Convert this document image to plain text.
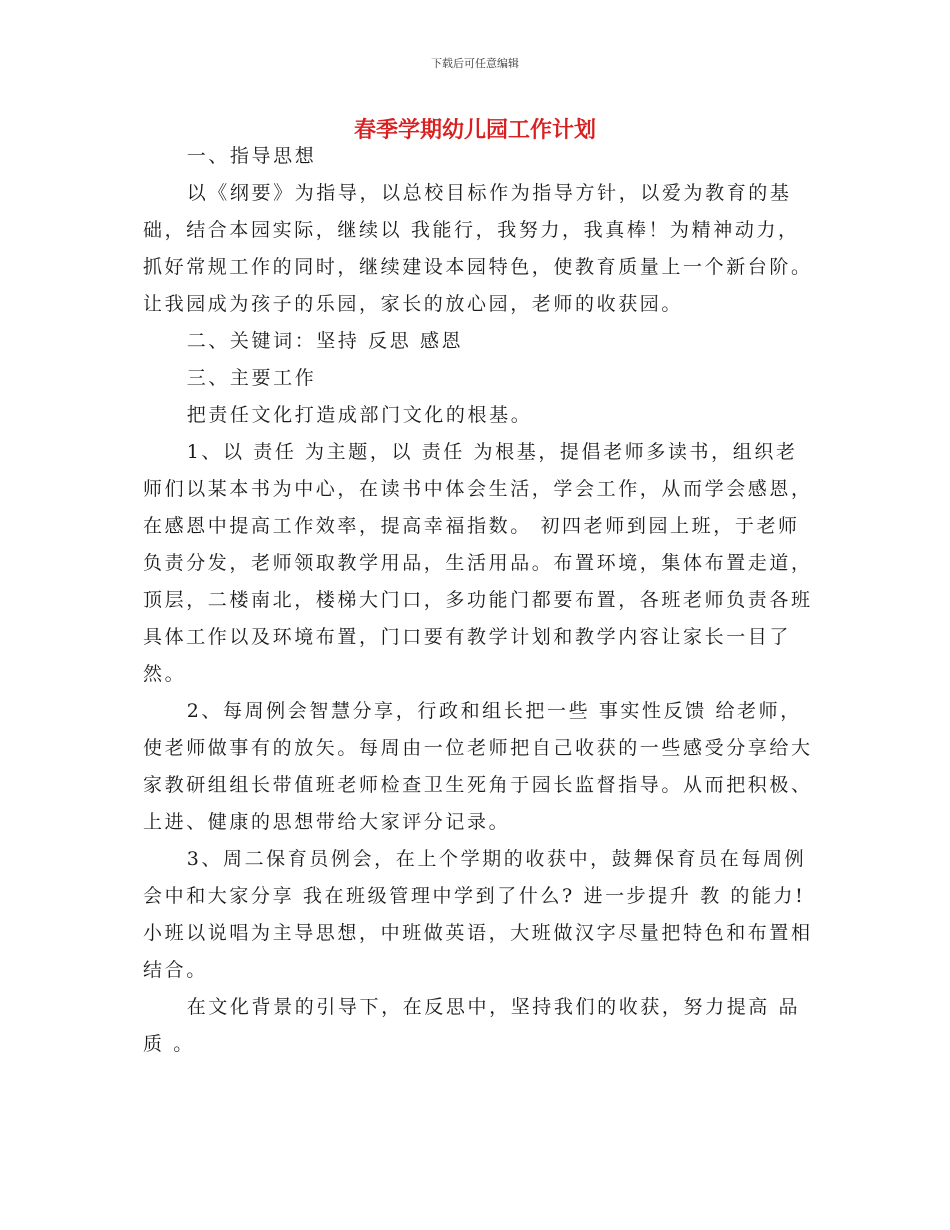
下载后可任意编辑
春季学期幼儿园工作计划

一、指导思想

以《纲要》为指导，以总校目标作为指导方针，以爱为教育的基础，结合本园实际，继续以 我能行，我努力，我真棒！为精神动力，抓好常规工作的同时，继续建设本园特色，使教育质量上一个新台阶。让我园成为孩子的乐园，家长的放心园，老师的收获园。

二、关键词：坚持 反思 感恩

三、主要工作

把责任文化打造成部门文化的根基。

1、以 责任 为主题，以 责任 为根基，提倡老师多读书，组织老师们以某本书为中心，在读书中体会生活，学会工作，从而学会感恩，在感恩中提高工作效率，提高幸福指数。 初四老师到园上班，于老师负责分发，老师领取教学用品，生活用品。布置环境，集体布置走道，顶层，二楼南北，楼梯大门口，多功能门都要布置，各班老师负责各班具体工作以及环境布置，门口要有教学计划和教学内容让家长一目了然。

2、每周例会智慧分享，行政和组长把一些 事实性反馈 给老师，使老师做事有的放矢。每周由一位老师把自己收获的一些感受分享给大家教研组组长带值班老师检查卫生死角于园长监督指导。从而把积极、上进、健康的思想带给大家评分记录。

3、周二保育员例会，在上个学期的收获中，鼓舞保育员在每周例会中和大家分享 我在班级管理中学到了什么? 进一步提升 教 的能力! 小班以说唱为主导思想，中班做英语，大班做汉字尽量把特色和布置相结合。

在文化背景的引导下，在反思中，坚持我们的收获，努力提高 品质 。
